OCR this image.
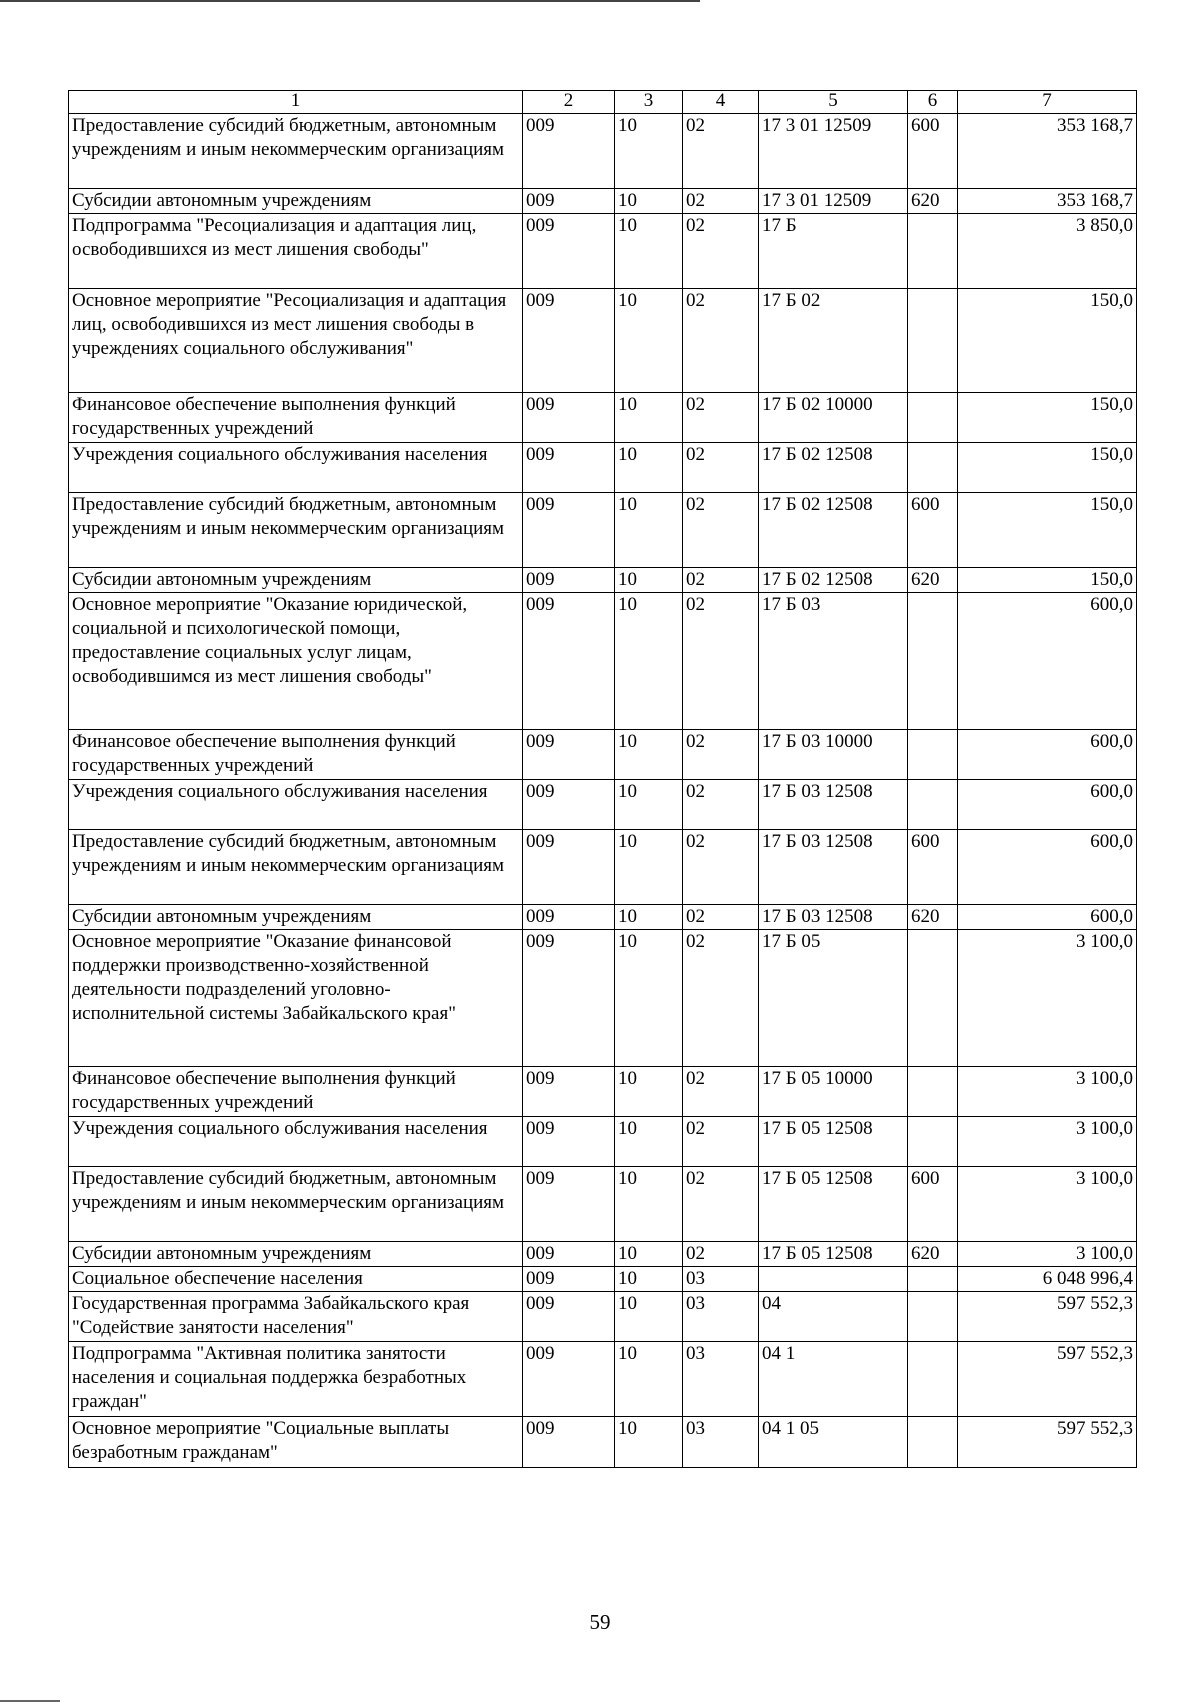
1	2	3	4	5	6	7
Предоставление субсидий бюджетным, автономным учреждениям и иным некоммерческим организациям	009	10	02	17 3 01 12509	600	353 168,7
Субсидии автономным учреждениям	009	10	02	17 3 01 12509	620	353 168,7
Подпрограмма "Ресоциализация и адаптация лиц, освободившихся из мест лишения свободы"	009	10	02	17 Б		3 850,0
Основное мероприятие "Ресоциализация и адаптация лиц, освободившихся из мест лишения свободы в учреждениях социального обслуживания"	009	10	02	17 Б 02		150,0
Финансовое обеспечение выполнения функций государственных учреждений	009	10	02	17 Б 02 10000		150,0
Учреждения социального обслуживания населения	009	10	02	17 Б 02 12508		150,0
Предоставление субсидий бюджетным, автономным учреждениям и иным некоммерческим организациям	009	10	02	17 Б 02 12508	600	150,0
Субсидии автономным учреждениям	009	10	02	17 Б 02 12508	620	150,0
Основное мероприятие "Оказание юридической, социальной и психологической помощи, предоставление социальных услуг лицам, освободившимся из мест лишения свободы"	009	10	02	17 Б 03		600,0
Финансовое обеспечение выполнения функций государственных учреждений	009	10	02	17 Б 03 10000		600,0
Учреждения социального обслуживания населения	009	10	02	17 Б 03 12508		600,0
Предоставление субсидий бюджетным, автономным учреждениям и иным некоммерческим организациям	009	10	02	17 Б 03 12508	600	600,0
Субсидии автономным учреждениям	009	10	02	17 Б 03 12508	620	600,0
Основное мероприятие "Оказание финансовой поддержки производственно-хозяйственной деятельности подразделений уголовно-исполнительной системы Забайкальского края"	009	10	02	17 Б 05		3 100,0
Финансовое обеспечение выполнения функций государственных учреждений	009	10	02	17 Б 05 10000		3 100,0
Учреждения социального обслуживания населения	009	10	02	17 Б 05 12508		3 100,0
Предоставление субсидий бюджетным, автономным учреждениям и иным некоммерческим организациям	009	10	02	17 Б 05 12508	600	3 100,0
Субсидии автономным учреждениям	009	10	02	17 Б 05 12508	620	3 100,0
Социальное обеспечение населения	009	10	03			6 048 996,4
Государственная программа Забайкальского края "Содействие занятости населения"	009	10	03	04		597 552,3
Подпрограмма "Активная политика занятости населения и социальная поддержка безработных граждан"	009	10	03	04 1		597 552,3
Основное мероприятие "Социальные выплаты безработным гражданам"	009	10	03	04 1 05		597 552,3
59
